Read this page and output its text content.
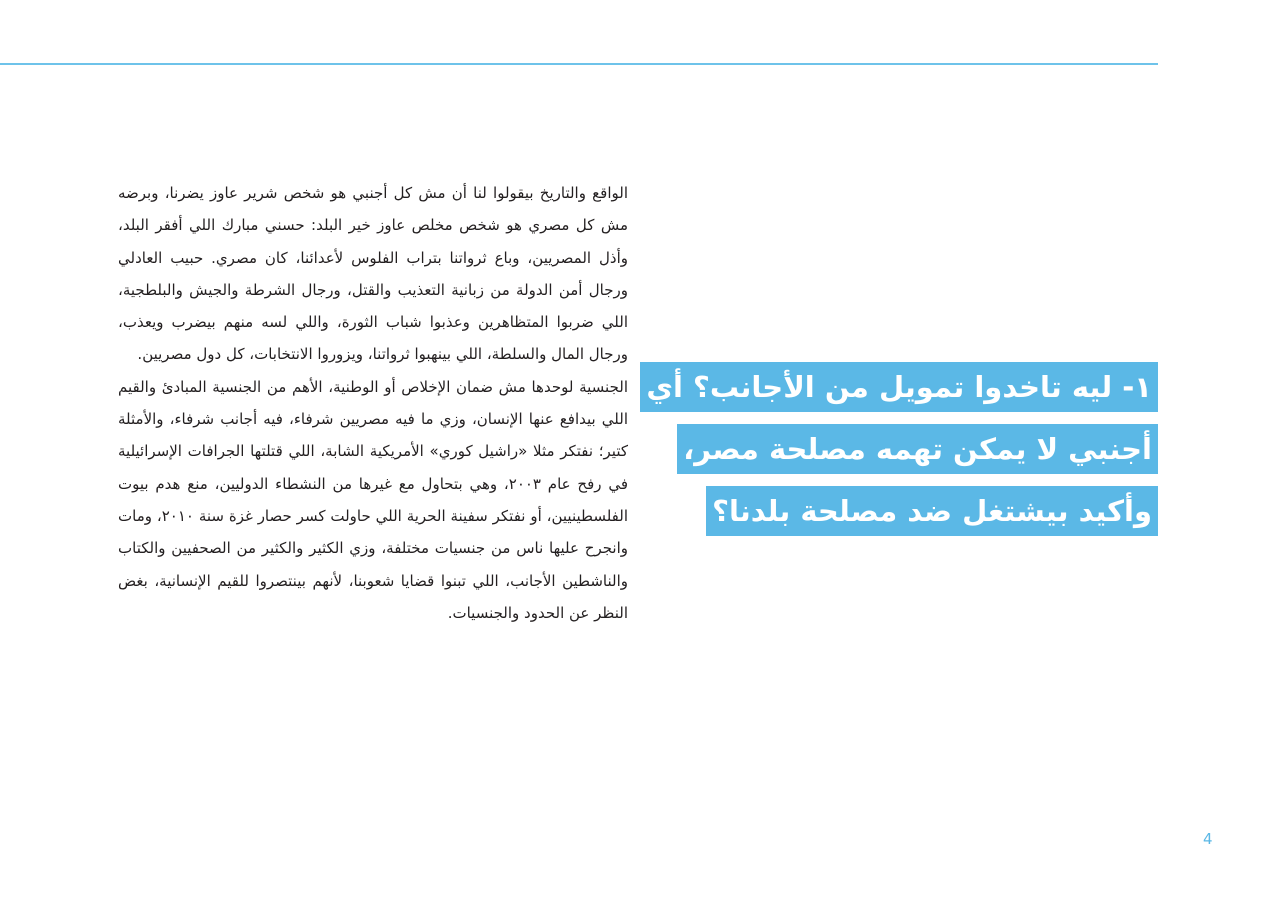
الواقع والتاريخ بيقولوا لنا أن مش كل أجنبي هو شخص شرير عاوز يضرنا، وبرضه مش كل مصري هو شخص مخلص عاوز خير البلد: حسني مبارك اللي أفقر البلد، وأذل المصريين، وباع ثرواتنا بتراب الفلوس لأعدائنا، كان مصري. حبيب العادلي ورجال أمن الدولة من زبانية التعذيب والقتل، ورجال الشرطة والجيش والبلطجية، اللي ضربوا المتظاهرين وعذبوا شباب الثورة، واللي لسه منهم بيضرب ويعذب، ورجال المال والسلطة، اللي بينهبوا ثرواتنا، ويزوروا الانتخابات، كل دول مصريين.

الجنسية لوحدها مش ضمان الإخلاص أو الوطنية، الأهم من الجنسية المبادئ والقيم اللي بيدافع عنها الإنسان، وزي ما فيه مصريين شرفاء، فيه أجانب شرفاء، والأمثلة كتير؛ نفتكر مثلا «راشيل كوري» الأمريكية الشابة، اللي قتلتها الجرافات الإسرائيلية في رفح عام ٢٠٠٣، وهي بتحاول مع غيرها من النشطاء الدوليين، منع هدم بيوت الفلسطينيين، أو نفتكر سفينة الحرية اللي حاولت كسر حصار غزة سنة ٢٠١٠، ومات وانجرح عليها ناس من جنسيات مختلفة، وزي الكثير والكثير من الصحفيين والكتاب والناشطين الأجانب، اللي تبنوا قضايا شعوبنا، لأنهم بينتصروا للقيم الإنسانية، بغض النظر عن الحدود والجنسيات.

١- ليه تاخدوا تمويل من الأجانب؟ أي
أجنبي لا يمكن تهمه مصلحة مصر،
وأكيد بيشتغل ضد مصلحة بلدنا؟
4
